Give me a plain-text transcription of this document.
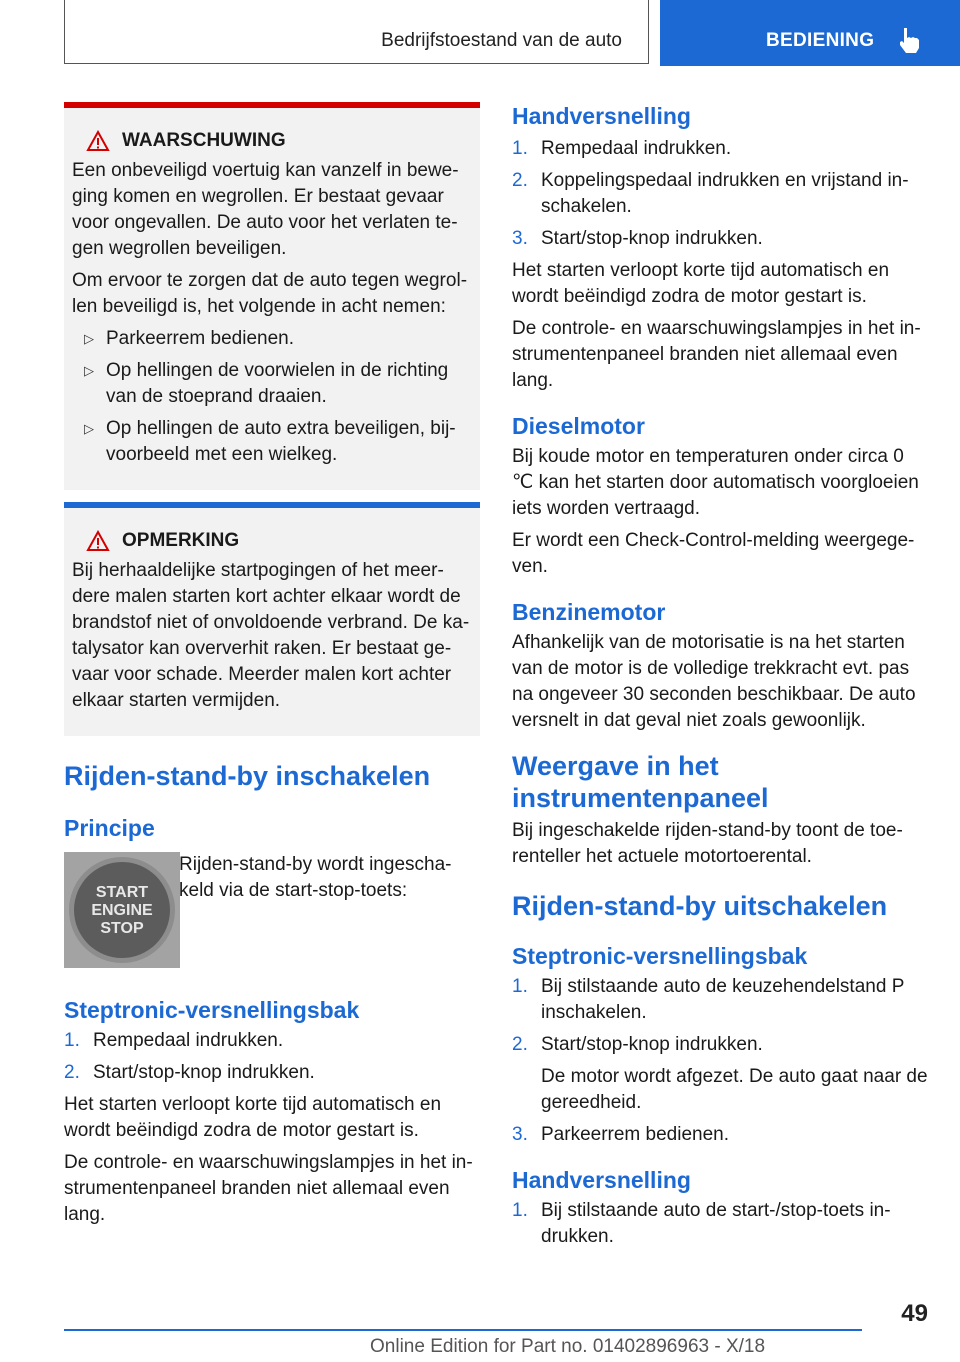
Bedrijfstoestand van de auto	BEDIENING
WAARSCHUWING

Een onbeveiligd voertuig kan vanzelf in beweging komen en wegrollen. Er bestaat gevaar voor ongevallen. De auto voor het verlaten tegen wegrollen beveiligen.

Om ervoor te zorgen dat de auto tegen wegrollen beveiligd is, het volgende in acht nemen:

▷ Parkeerrem bedienen.
▷ Op hellingen de voorwielen in de richting van de stoeprand draaien.
▷ Op hellingen de auto extra beveiligen, bijvoorbeeld met een wielkeg.
OPMERKING

Bij herhaaldelijke startpogingen of het meerdere malen starten kort achter elkaar wordt de brandstof niet of onvoldoende verbrand. De katalysator kan oververhit raken. Er bestaat gevaar voor schade. Meerder malen kort achter elkaar starten vermijden.

Rijden-stand-by inschakelen
Principe
START
ENGINE
STOP
Rijden-stand-by wordt ingeschakeld via de start-stop-toets:
Steptronic-versnellingsbak
1. Rempedaal indrukken.
2. Start/stop-knop indrukken.

Het starten verloopt korte tijd automatisch en wordt beëindigd zodra de motor gestart is.

De controle- en waarschuwingslampjes in het instrumentenpaneel branden niet allemaal even lang.

Handversnelling
1. Rempedaal indrukken.
2. Koppelingspedaal indrukken en vrijstand inschakelen.
3. Start/stop-knop indrukken.

Het starten verloopt korte tijd automatisch en wordt beëindigd zodra de motor gestart is.

De controle- en waarschuwingslampjes in het instrumentenpaneel branden niet allemaal even lang.

Dieselmotor

Bij koude motor en temperaturen onder circa 0 ℃ kan het starten door automatisch voorgloeien iets worden vertraagd.

Er wordt een Check-Control-melding weergegeven.

Benzinemotor

Afhankelijk van de motorisatie is na het starten van de motor is de volledige trekkracht evt. pas na ongeveer 30 seconden beschikbaar. De auto versnelt in dat geval niet zoals gewoonlijk.

Weergave in het instrumentenpaneel

Bij ingeschakelde rijden-stand-by toont de toerenteller het actuele motortoerental.

Rijden-stand-by uitschakelen
Steptronic-versnellingsbak
1. Bij stilstaande auto de keuzehendelstand P inschakelen.
2. Start/stop-knop indrukken.
De motor wordt afgezet. De auto gaat naar de gereedheid.
3. Parkeerrem bedienen.
Handversnelling
1. Bij stilstaande auto de start-/stop-toets indrukken.
49
Online Edition for Part no. 01402896963 - X/18
